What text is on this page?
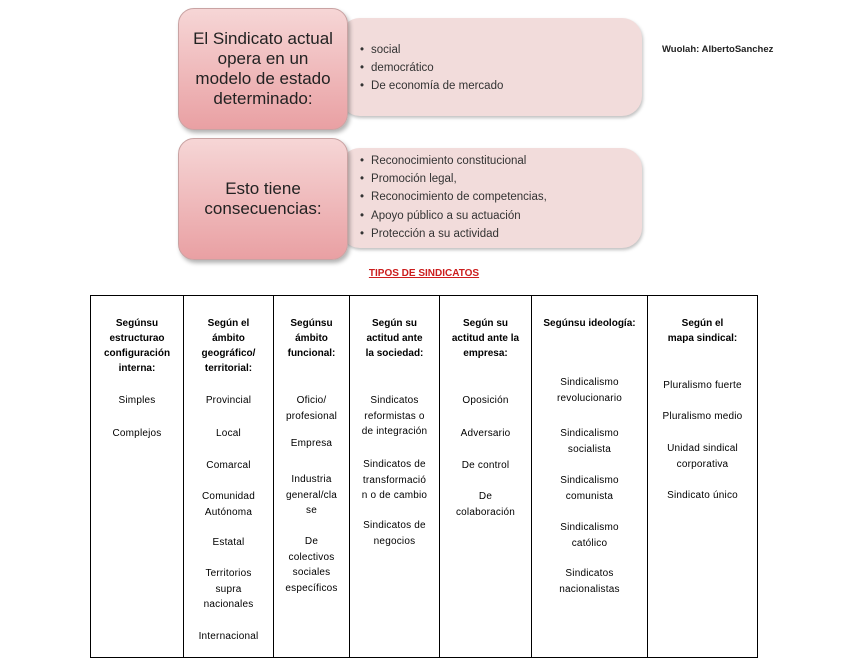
El Sindicato actual
opera en un
modelo de estado
determinado:
• social
• democrático
• De economía de mercado
Wuolah: AlbertoSanchez
Esto tiene
consecuencias:
• Reconocimiento constitucional
• Promoción legal,
• Reconocimiento de competencias,
• Apoyo público a su actuación
• Protección a su actividad
TIPOS DE SINDICATOS
Segúnsu
estructurao
configuración
interna:
Simples
Complejos
Según el
ámbito
geográfico/
territorial:
Provincial
Local
Comarcal
Comunidad
Autónoma
Estatal
Territorios
supra
nacionales
Internacional
Segúnsu
ámbito
funcional:
Oficio/
profesional
Empresa
Industria
general/cla
se
De
colectivos
sociales
específicos
Según su
actitud ante
la sociedad:
Sindicatos
reformistas o
de integración
Sindicatos de
transformació
n o de cambio
Sindicatos de
negocios
Según su
actitud ante la
empresa:
Oposición
Adversario
De control
De
colaboración
Segúnsu ideología:
Sindicalismo
revolucionario
Sindicalismo
socialista
Sindicalismo
comunista
Sindicalismo
católico
Sindicatos
nacionalistas
Según el
mapa sindical:
Pluralismo fuerte
Pluralismo medio
Unidad sindical
corporativa
Sindicato único
